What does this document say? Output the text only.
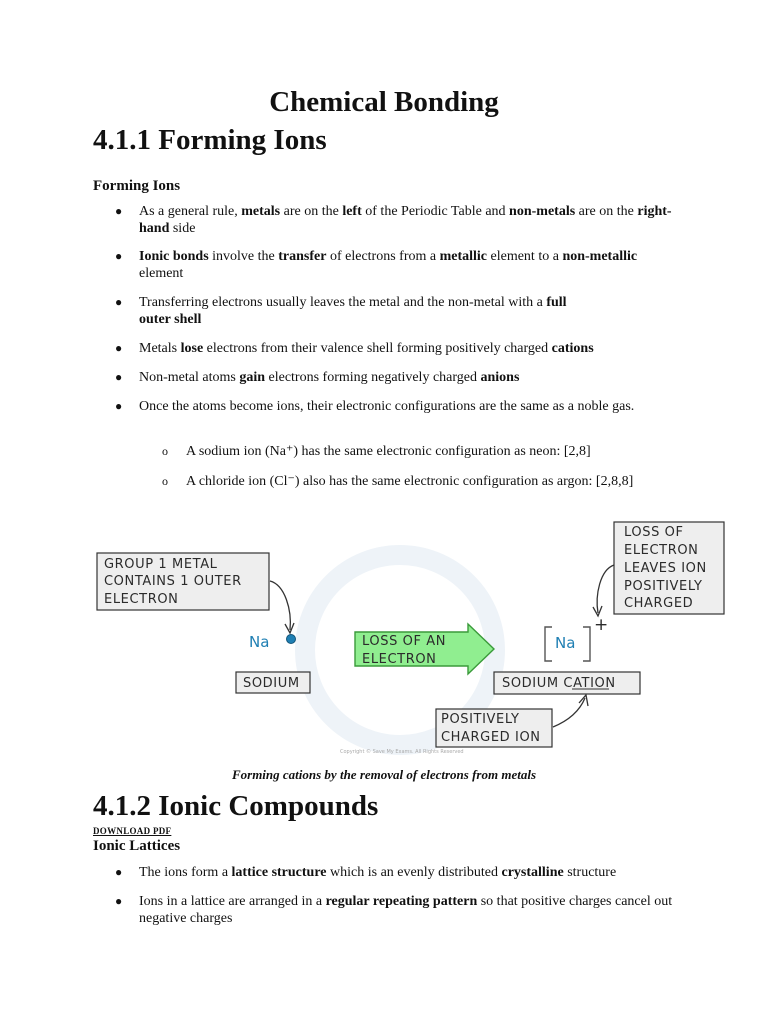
Chemical Bonding
4.1.1 Forming Ions
Forming Ions
● As a general rule, metals are on the left of the Periodic Table and non-metals are on the right-hand side
● Ionic bonds involve the transfer of electrons from a metallic element to a non-metallic element
● Transferring electrons usually leaves the metal and the non-metal with a full outer shell
● Metals lose electrons from their valence shell forming positively charged cations
● Non-metal atoms gain electrons forming negatively charged anions
● Once the atoms become ions, their electronic configurations are the same as a noble gas.
o A sodium ion (Na⁺) has the same electronic configuration as neon: [2,8]
o A chloride ion (Cl⁻) also has the same electronic configuration as argon: [2,8,8]
GROUP 1 METAL
CONTAINS 1 OUTER
ELECTRON
Na
SODIUM
LOSS OF AN
ELECTRON
Na
+
SODIUM CATION
LOSS OF
ELECTRON
LEAVES ION
POSITIVELY
CHARGED
POSITIVELY
CHARGED ION
Copyright © Save My Exams. All Rights Reserved
Forming cations by the removal of electrons from metals
4.1.2 Ionic Compounds
DOWNLOAD PDF
Ionic Lattices
● The ions form a lattice structure which is an evenly distributed crystalline structure
● Ions in a lattice are arranged in a regular repeating pattern so that positive charges cancel out negative charges
